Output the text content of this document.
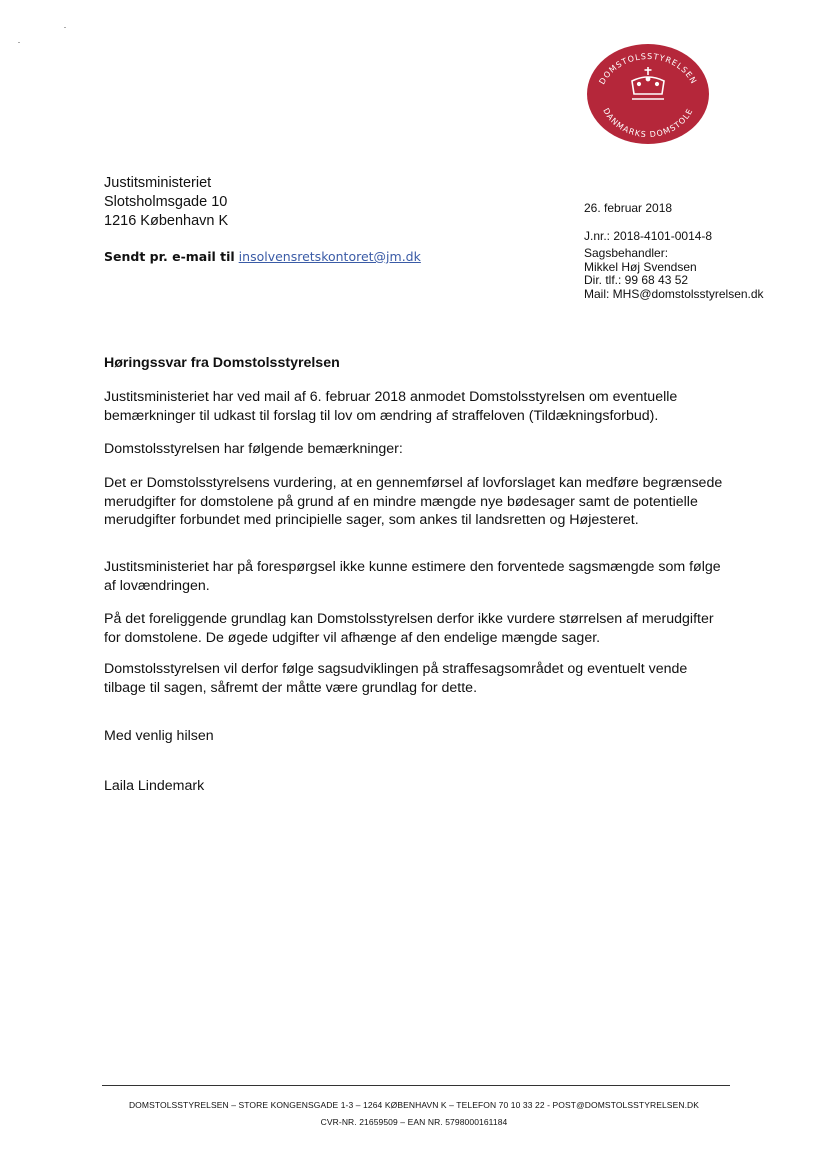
DOMSTOLSSTYRELSEN
DANMARKS DOMSTOLE
Justitsministeriet
Slotsholmsgade 10
1216 København K
Sendt pr. e-mail til insolvensretskontoret@jm.dk
26. februar 2018
J.nr.: 2018-4101-0014-8
Sagsbehandler:
Mikkel Høj Svendsen
Dir. tlf.: 99 68 43 52
Mail: MHS@domstolsstyrelsen.dk
Høringssvar fra Domstolsstyrelsen
Justitsministeriet har ved mail af 6. februar 2018 anmodet Domstolsstyrelsen om eventuelle bemærkninger til udkast til forslag til lov om ændring af straffeloven (Tildækningsforbud).
Domstolsstyrelsen har følgende bemærkninger:
Det er Domstolsstyrelsens vurdering, at en gennemførsel af lovforslaget kan medføre begrænsede merudgifter for domstolene på grund af en mindre mængde nye bødesager samt de potentielle merudgifter forbundet med principielle sager, som ankes til landsretten og Højesteret.
Justitsministeriet har på forespørgsel ikke kunne estimere den forventede sagsmængde som følge af lovændringen.
På det foreliggende grundlag kan Domstolsstyrelsen derfor ikke vurdere størrelsen af merudgifter for domstolene. De øgede udgifter vil afhænge af den endelige mængde sager.
Domstolsstyrelsen vil derfor følge sagsudviklingen på straffesagsområdet og eventuelt vende tilbage til sagen, såfremt der måtte være grundlag for dette.
Med venlig hilsen
Laila Lindemark
DOMSTOLSSTYRELSEN – STORE KONGENSGADE 1-3 – 1264 KØBENHAVN K – TELEFON 70 10 33 22 - POST@DOMSTOLSSTYRELSEN.DK
CVR-NR. 21659509 – EAN NR. 5798000161184
